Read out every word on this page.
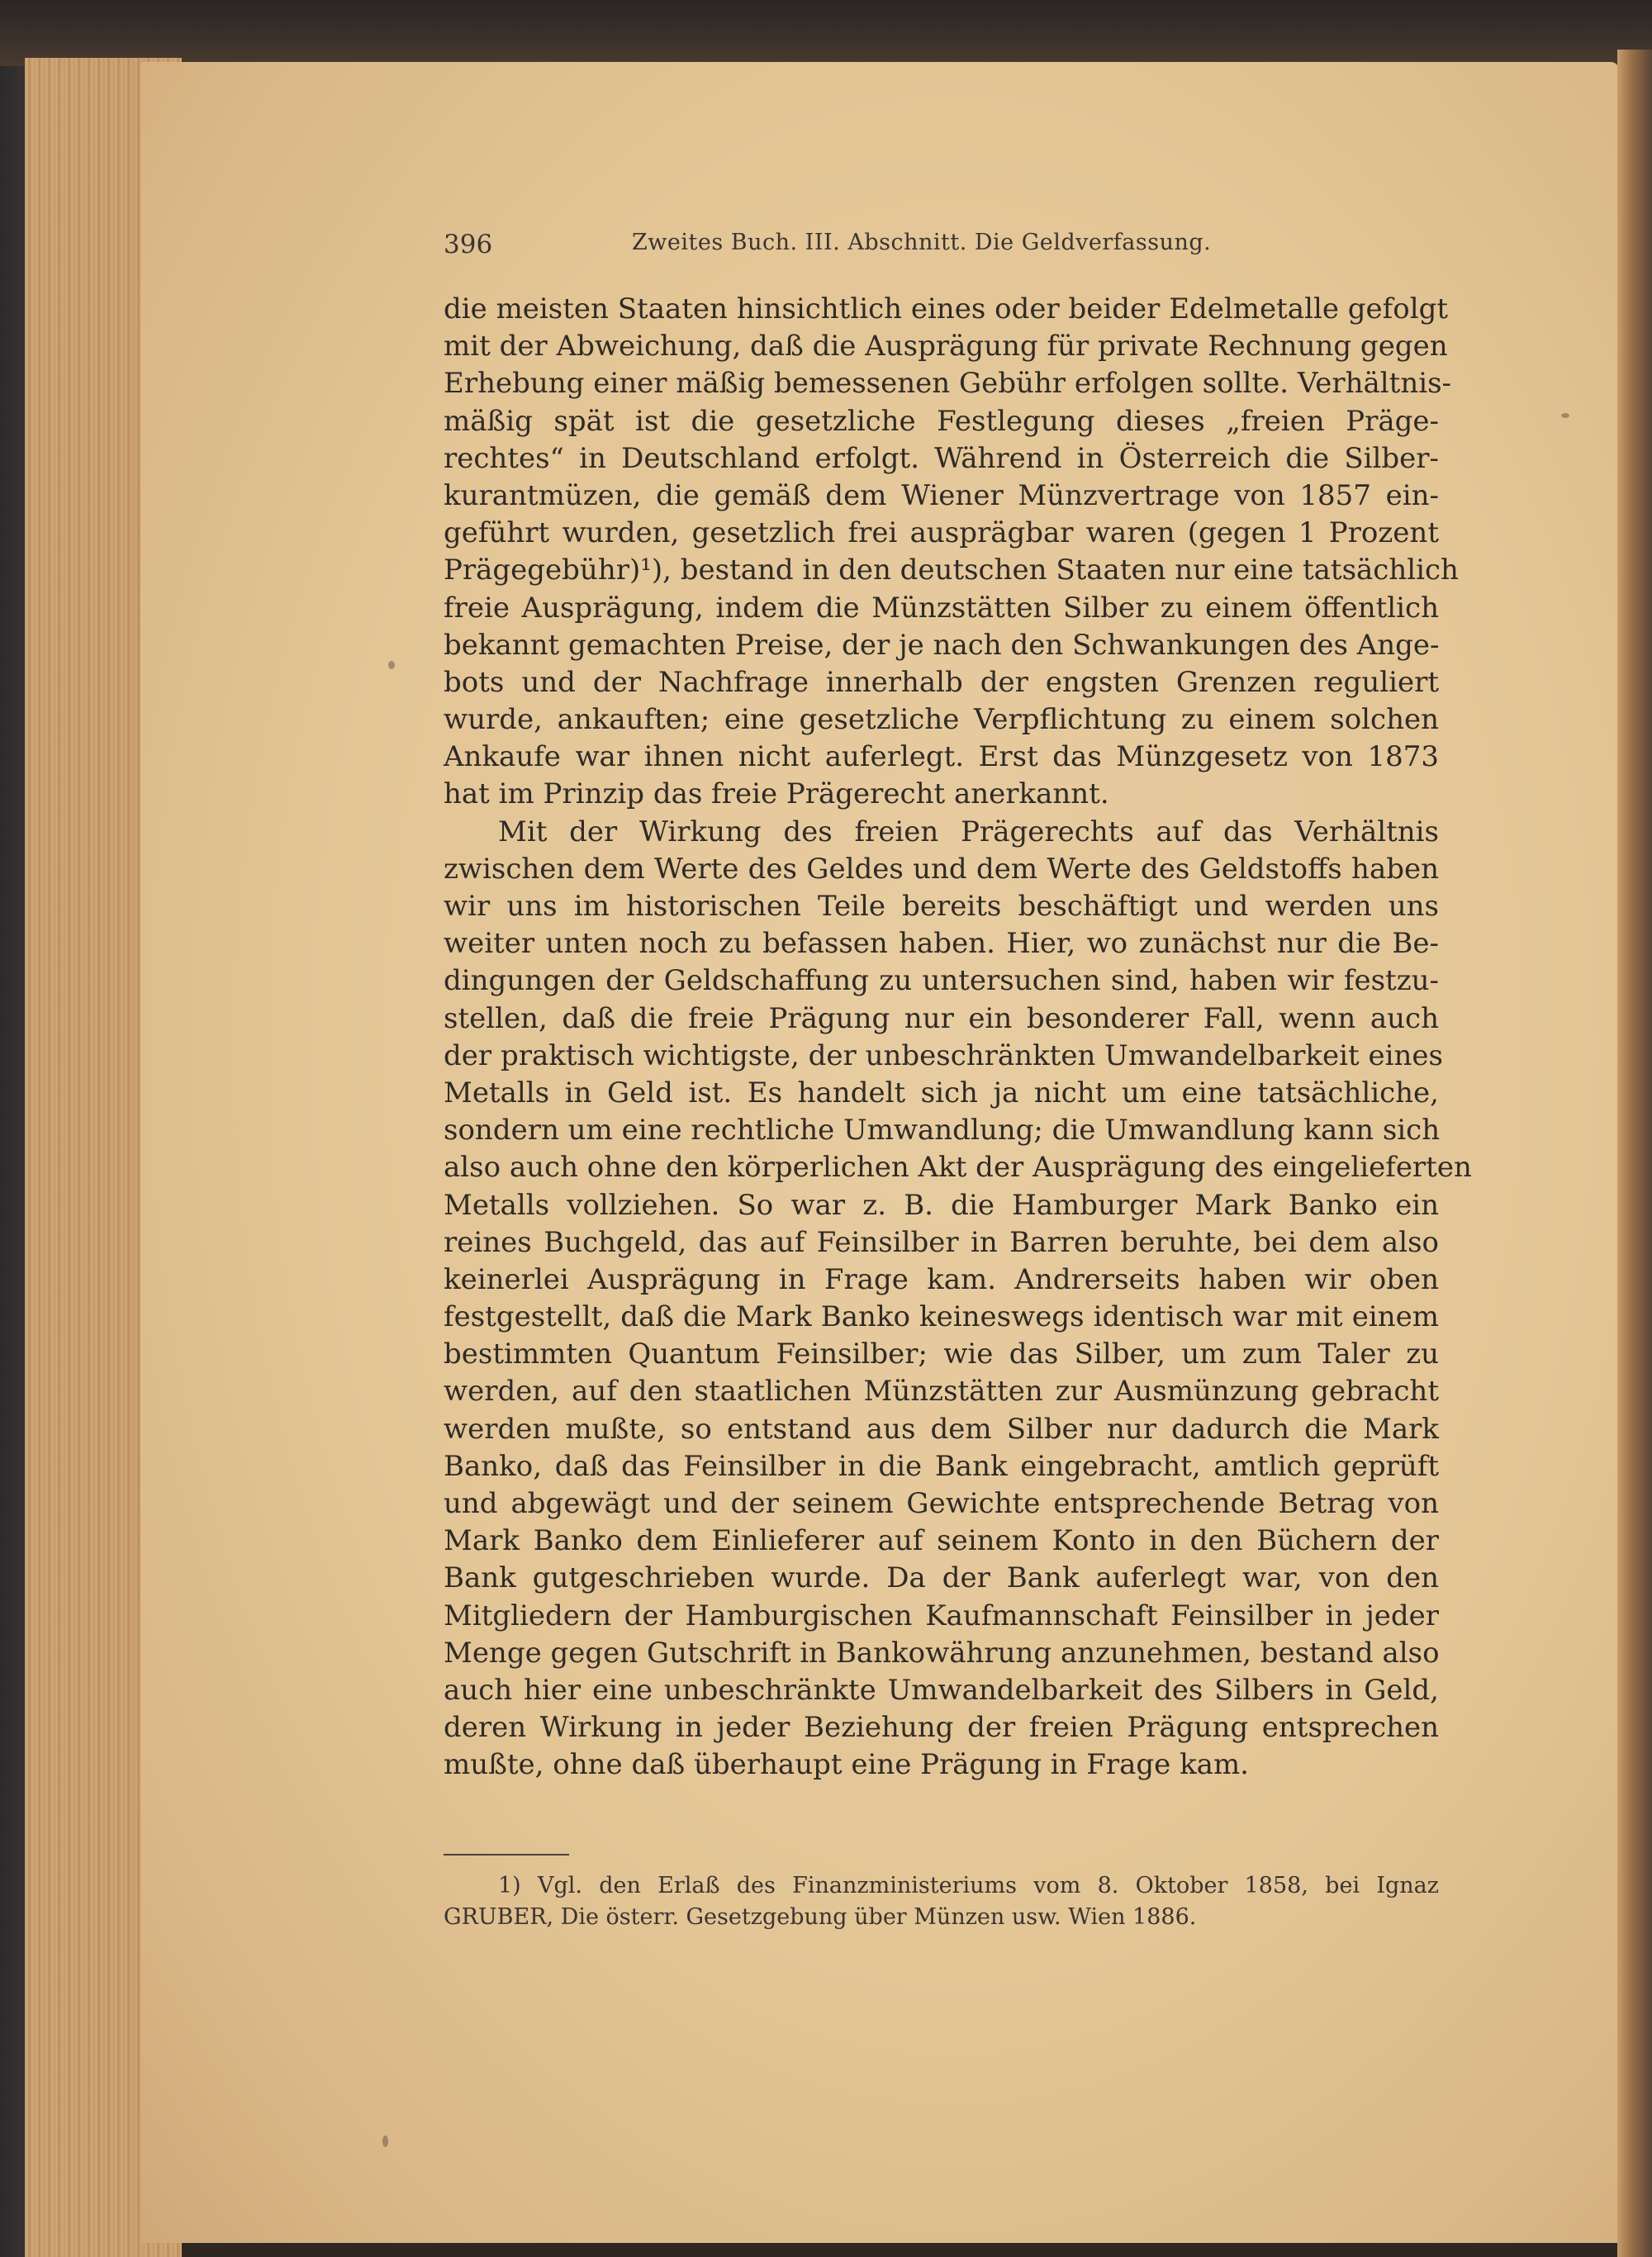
396	Zweites Buch. III. Abschnitt. Die Geldverfassung.
die meisten Staaten hinsichtlich eines oder beider Edelmetalle gefolgt
mit der Abweichung, daß die Ausprägung für private Rechnung gegen
Erhebung einer mäßig bemessenen Gebühr erfolgen sollte. Verhältnis-
mäßig spät ist die gesetzliche Festlegung dieses „freien Präge-
rechtes“ in Deutschland erfolgt. Während in Österreich die Silber-
kurantmüzen, die gemäß dem Wiener Münzvertrage von 1857 ein-
geführt wurden, gesetzlich frei ausprägbar waren (gegen 1 Prozent
Prägegebühr)¹), bestand in den deutschen Staaten nur eine tatsächlich
freie Ausprägung, indem die Münzstätten Silber zu einem öffentlich
bekannt gemachten Preise, der je nach den Schwankungen des Ange-
bots und der Nachfrage innerhalb der engsten Grenzen reguliert
wurde, ankauften; eine gesetzliche Verpflichtung zu einem solchen
Ankaufe war ihnen nicht auferlegt. Erst das Münzgesetz von 1873
hat im Prinzip das freie Prägerecht anerkannt.
Mit der Wirkung des freien Prägerechts auf das Verhältnis
zwischen dem Werte des Geldes und dem Werte des Geldstoffs haben
wir uns im historischen Teile bereits beschäftigt und werden uns
weiter unten noch zu befassen haben. Hier, wo zunächst nur die Be-
dingungen der Geldschaffung zu untersuchen sind, haben wir festzu-
stellen, daß die freie Prägung nur ein besonderer Fall, wenn auch
der praktisch wichtigste, der unbeschränkten Umwandelbarkeit eines
Metalls in Geld ist. Es handelt sich ja nicht um eine tatsächliche,
sondern um eine rechtliche Umwandlung; die Umwandlung kann sich
also auch ohne den körperlichen Akt der Ausprägung des eingelieferten
Metalls vollziehen. So war z. B. die Hamburger Mark Banko ein
reines Buchgeld, das auf Feinsilber in Barren beruhte, bei dem also
keinerlei Ausprägung in Frage kam. Andrerseits haben wir oben
festgestellt, daß die Mark Banko keineswegs identisch war mit einem
bestimmten Quantum Feinsilber; wie das Silber, um zum Taler zu
werden, auf den staatlichen Münzstätten zur Ausmünzung gebracht
werden mußte, so entstand aus dem Silber nur dadurch die Mark
Banko, daß das Feinsilber in die Bank eingebracht, amtlich geprüft
und abgewägt und der seinem Gewichte entsprechende Betrag von
Mark Banko dem Einlieferer auf seinem Konto in den Büchern der
Bank gutgeschrieben wurde. Da der Bank auferlegt war, von den
Mitgliedern der Hamburgischen Kaufmannschaft Feinsilber in jeder
Menge gegen Gutschrift in Bankowährung anzunehmen, bestand also
auch hier eine unbeschränkte Umwandelbarkeit des Silbers in Geld,
deren Wirkung in jeder Beziehung der freien Prägung entsprechen
mußte, ohne daß überhaupt eine Prägung in Frage kam.
1) Vgl. den Erlaß des Finanzministeriums vom 8. Oktober 1858, bei Ignaz
GRUBER, Die österr. Gesetzgebung über Münzen usw. Wien 1886.
